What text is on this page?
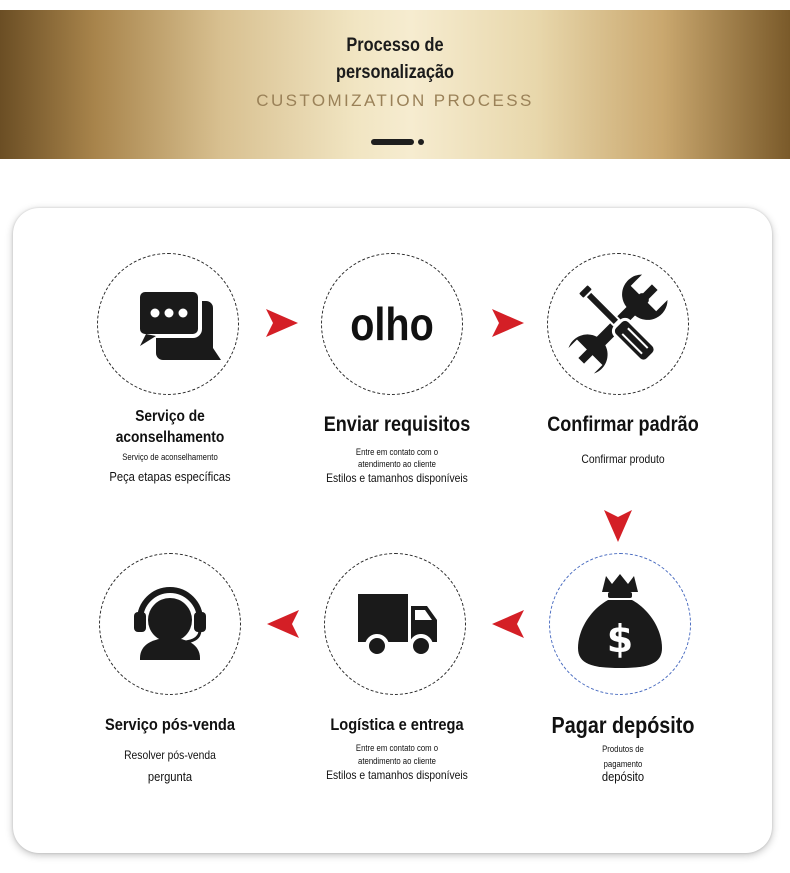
Processo de
personalização
CUSTOMIZATION PROCESS
Serviço de
aconselhamento
Serviço de aconselhamento
Peça etapas específicas
olho
Enviar requisitos
Entre em contato com o
atendimento ao cliente
Estilos e tamanhos disponíveis
Confirmar padrão
Confirmar produto
$
Pagar depósito
Produtos de
pagamento
depósito
Logística e entrega
Entre em contato com o
atendimento ao cliente
Estilos e tamanhos disponíveis
Serviço pós-venda
Resolver pós-venda
pergunta
